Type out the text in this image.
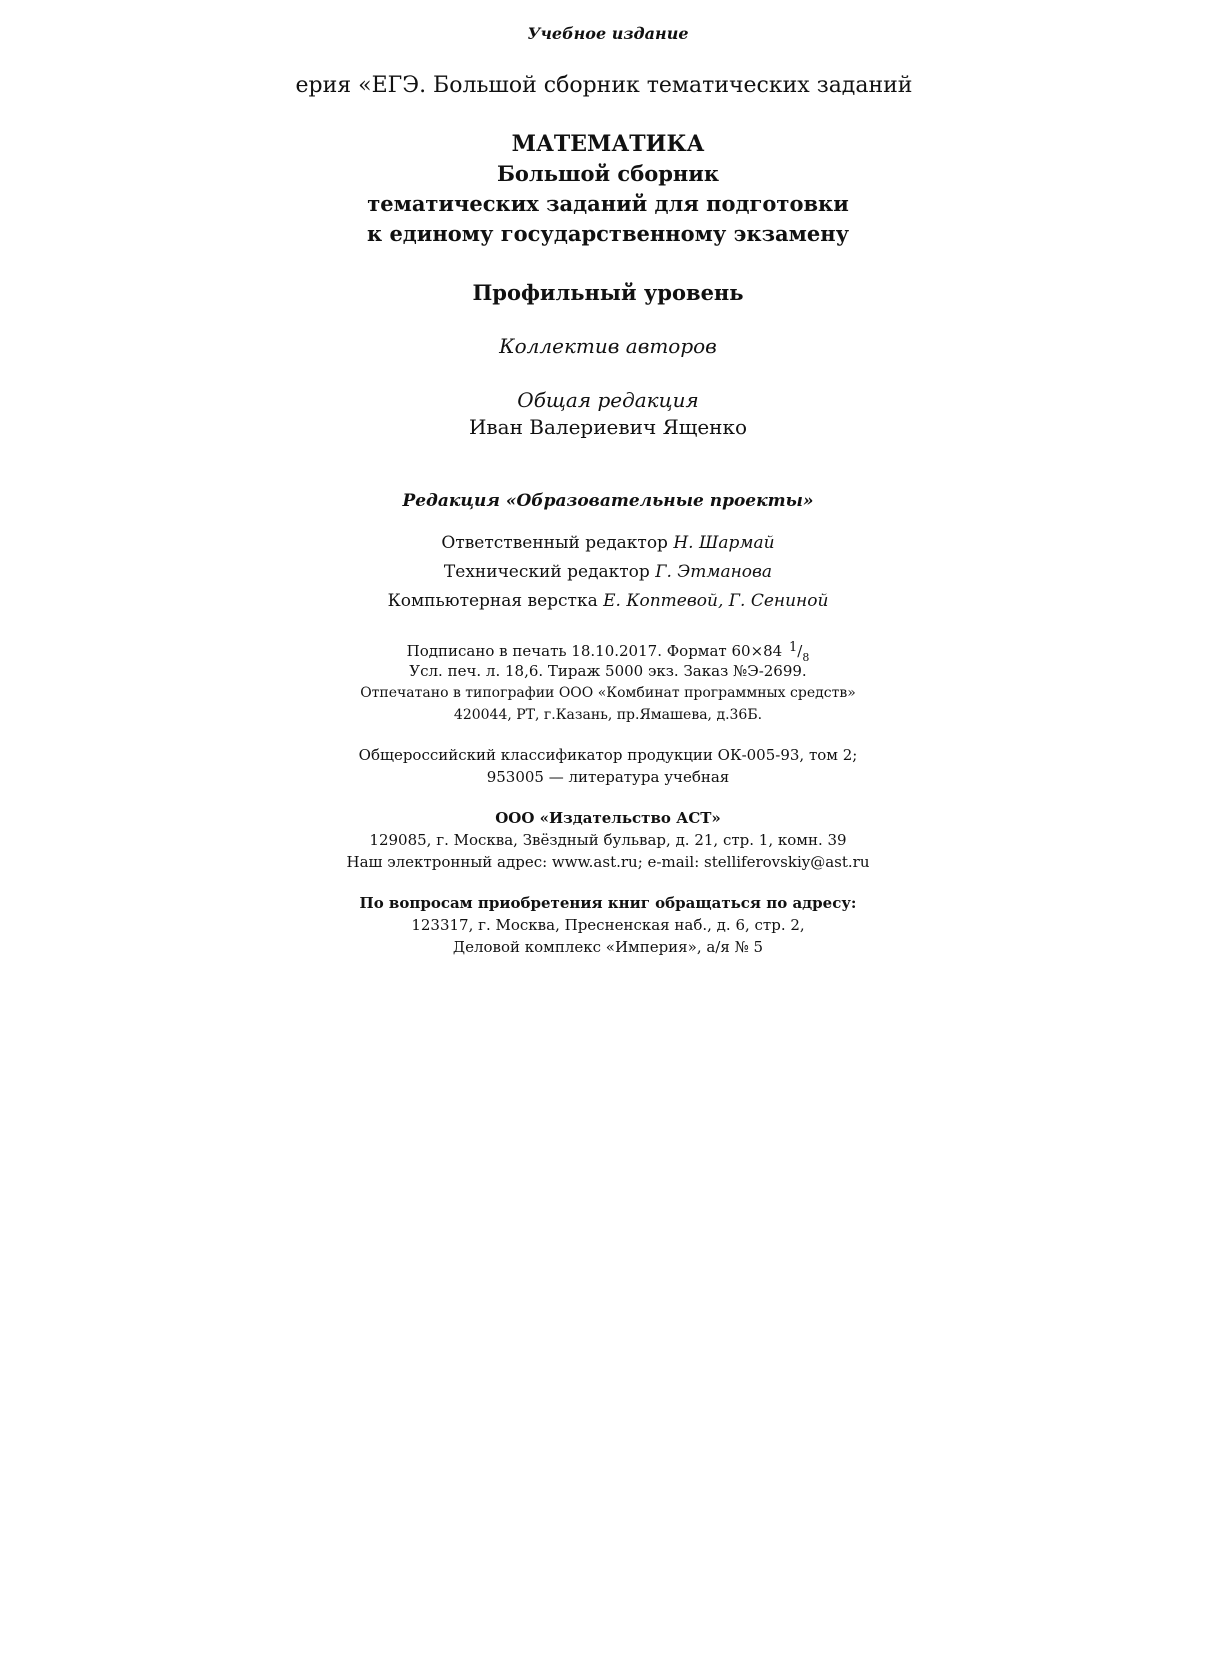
Учебное издание
ерия «ЕГЭ. Большой сборник тематических заданий
МАТЕМАТИКА
Большой сборник
тематических заданий для подготовки
к единому государственному экзамену
Профильный уровень
Коллектив авторов
Общая редакция
Иван Валериевич Ященко
Редакция «Образовательные проекты»
Ответственный редактор Н. Шармай
Технический редактор Г. Этманова
Компьютерная верстка Е. Коптевой, Г. Сениной
Подписано в печать 18.10.2017. Формат 60×84 $1/_8$
Усл. печ. л. 18,6. Тираж 5000 экз. Заказ №Э-2699.
Отпечатано в типографии ООО «Комбинат программных средств»
420044, РТ, г.Казань, пр.Ямашева, д.36Б.
Общероссийский классификатор продукции ОК-005-93, том 2;
953005 — литература учебная
ООО «Издательство АСТ»
129085, г. Москва, Звёздный бульвар, д. 21, стр. 1, комн. 39
Наш электронный адрес: www.ast.ru; e-mail: stelliferovskiy@ast.ru
По вопросам приобретения книг обращаться по адресу:
123317, г. Москва, Пресненская наб., д. 6, стр. 2,
Деловой комплекс «Империя», а/я № 5
